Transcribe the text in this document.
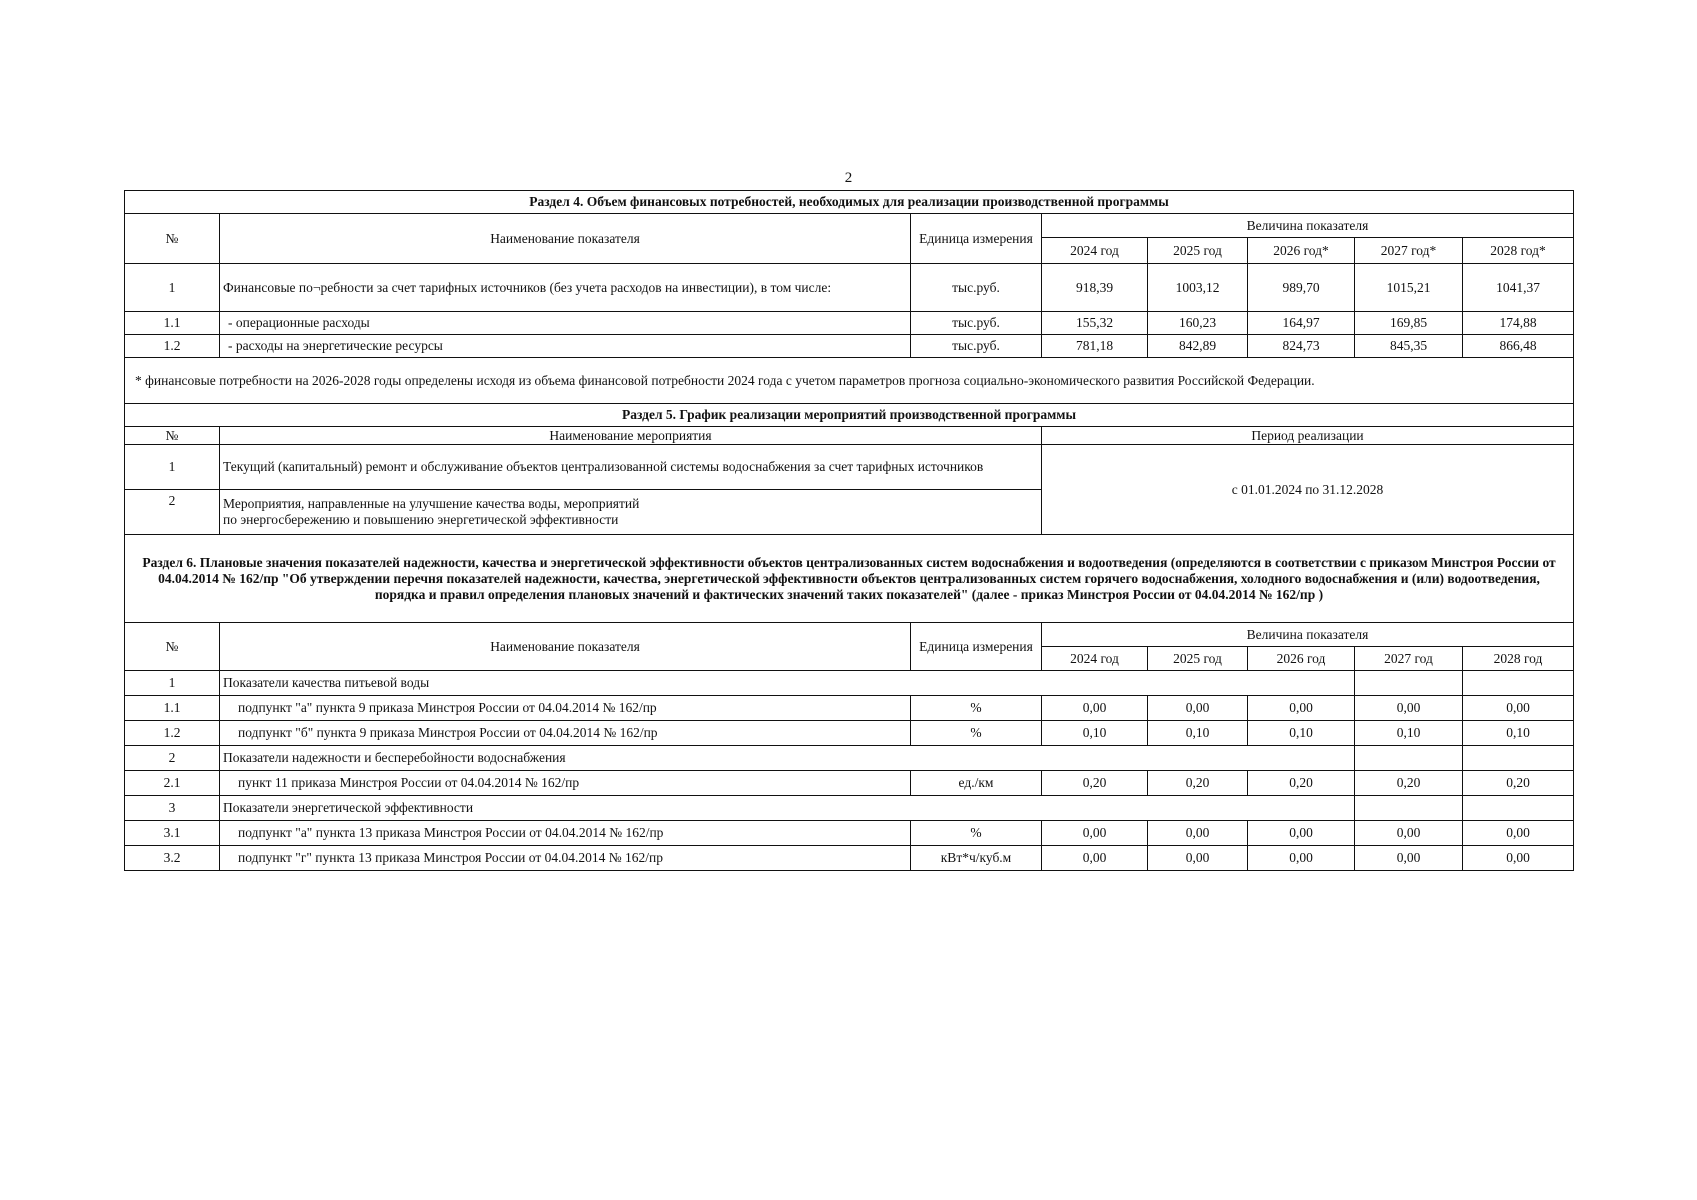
2
Раздел 4. Объем финансовых потребностей, необходимых для реализации производственной программы							
№	Наименование показателя	Единица измерения	Величина показателя				
			2024 год	2025 год	2026 год*	2027 год*	2028 год*
1	Финансовые по¬ребности за счет тарифных источников (без учета расходов на инвестиции), в том числе:	тыс.руб.	918,39	1003,12	989,70	1015,21	1041,37
1.1	- операционные расходы	тыс.руб.	155,32	160,23	164,97	169,85	174,88
1.2	- расходы на энергетические ресурсы	тыс.руб.	781,18	842,89	824,73	845,35	866,48
* финансовые потребности на 2026-2028 годы определены исходя из объема финансовой потребности 2024 года с учетом параметров прогноза социально-экономического развития Российской Федерации.							
Раздел 5. График реализации мероприятий производственной программы							
№	Наименование мероприятия		Период реализации				
1	Текущий (капитальный) ремонт и обслуживание объектов централизованной системы водоснабжения за счет тарифных источников		с 01.01.2024 по 31.12.2028				
2	Мероприятия, направленные на улучшение качества воды, мероприятий
по энергосбережению и повышению энергетической эффективности						

Раздел 6. Плановые значения показателей надежности, качества и энергетической эффективности объектов централизованных систем водоснабжения и водоотведения (определяются в соответствии с приказом Минстроя России от 04.04.2014 № 162/пр "Об утверждении перечня показателей надежности, качества, энергетической эффективности объектов централизованных систем горячего водоснабжения, холодного водоснабжения и (или) водоотведения, порядка и правил определения плановых значений и фактических значений таких показателей" (далее - приказ Минстроя России от 04.04.2014 № 162/пр )							
№	Наименование показателя	Единица измерения	Величина показателя				
			2024 год	2025 год	2026 год	2027 год	2028 год
1	Показатели качества питьевой воды						
1.1	подпункт "а" пункта 9 приказа Минстроя России от 04.04.2014 № 162/пр	%	0,00	0,00	0,00	0,00	0,00
1.2	подпункт "б" пункта 9 приказа Минстроя России от 04.04.2014 № 162/пр	%	0,10	0,10	0,10	0,10	0,10
2	Показатели надежности и бесперебойности водоснабжения						
2.1	пункт 11 приказа Минстроя России от 04.04.2014 № 162/пр	ед./км	0,20	0,20	0,20	0,20	0,20
3	Показатели энергетической эффективности						
3.1	подпункт "а" пункта 13 приказа Минстроя России от 04.04.2014 № 162/пр	%	0,00	0,00	0,00	0,00	0,00
3.2	подпункт "г" пункта 13 приказа Минстроя России от 04.04.2014 № 162/пр	кВт*ч/куб.м	0,00	0,00	0,00	0,00	0,00
